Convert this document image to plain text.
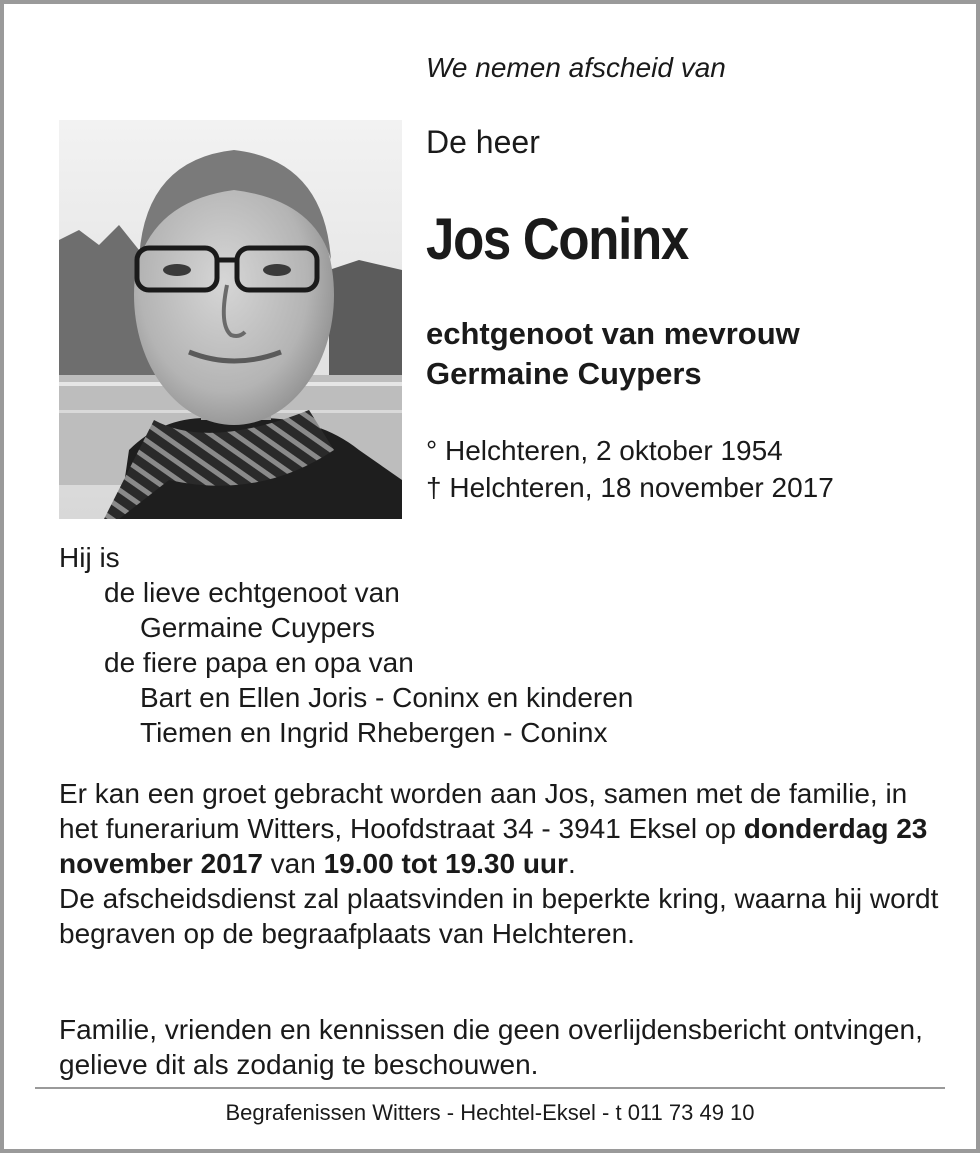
We nemen afscheid van
De heer
Jos Coninx
echtgenoot van mevrouw
Germaine Cuypers
° Helchteren, 2 oktober 1954
† Helchteren, 18 november 2017
Hij is
de lieve echtgenoot van
Germaine Cuypers
de fiere papa en opa van
Bart en Ellen Joris - Coninx en kinderen
Tiemen en Ingrid Rhebergen - Coninx
Er kan een groet gebracht worden aan Jos, samen met de familie, in het funerarium Witters, Hoofdstraat 34 - 3941 Eksel op donderdag 23 november 2017 van 19.00 tot 19.30 uur.
De afscheidsdienst zal plaatsvinden in beperkte kring, waarna hij wordt begraven op de begraafplaats van Helchteren.
Familie, vrienden en kennissen die geen overlijdensbericht ontvingen, gelieve dit als zodanig te beschouwen.
Begrafenissen Witters - Hechtel-Eksel - t 011 73 49 10
